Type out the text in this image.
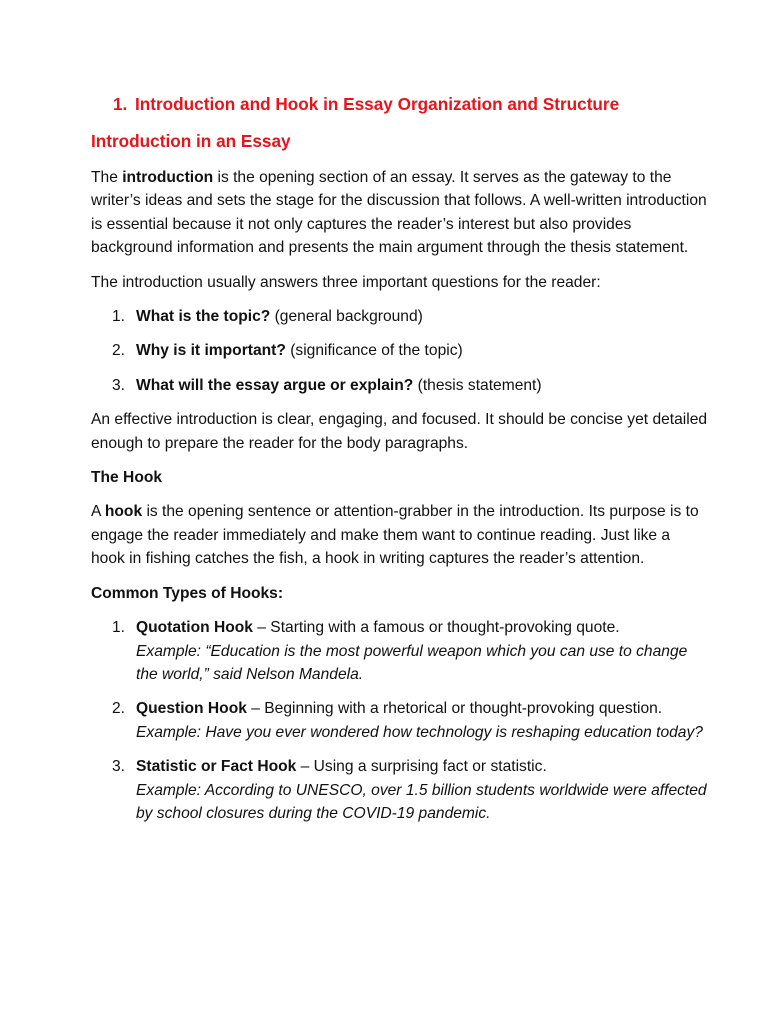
1. Introduction and Hook in Essay Organization and Structure
Introduction in an Essay

The introduction is the opening section of an essay. It serves as the gateway to the writer’s ideas and sets the stage for the discussion that follows. A well-written introduction is essential because it not only captures the reader’s interest but also provides background information and presents the main argument through the thesis statement.

The introduction usually answers three important questions for the reader:

1. What is the topic? (general background)
2. Why is it important? (significance of the topic)
3. What will the essay argue or explain? (thesis statement)

An effective introduction is clear, engaging, and focused. It should be concise yet detailed enough to prepare the reader for the body paragraphs.

The Hook

A hook is the opening sentence or attention-grabber in the introduction. Its purpose is to engage the reader immediately and make them want to continue reading. Just like a hook in fishing catches the fish, a hook in writing captures the reader’s attention.

Common Types of Hooks:
1. Quotation Hook – Starting with a famous or thought-provoking quote.
Example: “Education is the most powerful weapon which you can use to change the world,” said Nelson Mandela.
2. Question Hook – Beginning with a rhetorical or thought-provoking question.
Example: Have you ever wondered how technology is reshaping education today?
3. Statistic or Fact Hook – Using a surprising fact or statistic.
Example: According to UNESCO, over 1.5 billion students worldwide were affected by school closures during the COVID-19 pandemic.
